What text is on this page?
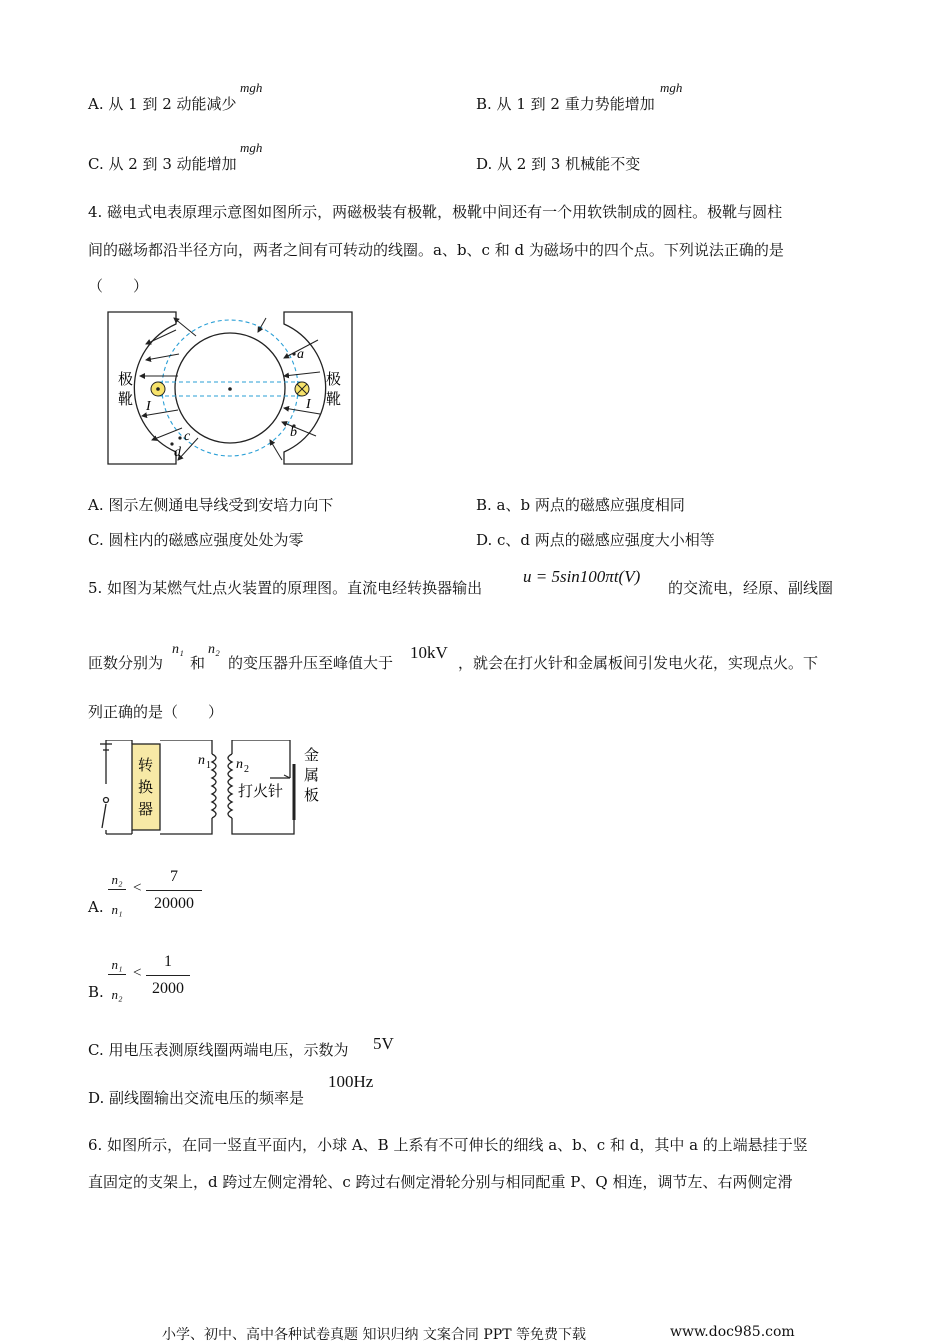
A. 从 1 到 2 动能减少
mgh
B. 从 1 到 2 重力势能增加
mgh
C. 从 2 到 3 动能增加
mgh
D. 从 2 到 3 机械能不变
4. 磁电式电表原理示意图如图所示，两磁极装有极靴，极靴中间还有一个用软铁制成的圆柱。极靴与圆柱
间的磁场都沿半径方向，两者之间有可转动的线圈。a、b、c 和 d 为磁场中的四个点。下列说法正确的是
（　　）
极
靴
极
靴
I	I
a
b
c
d
A. 图示左侧通电导线受到安培力向下	B. a、b 两点的磁感应强度相同
C. 圆柱内的磁感应强度处处为零	D. c、d 两点的磁感应强度大小相等
5. 如图为某燃气灶点火装置的原理图。直流电经转换器输出
u = 5sin100πt(V)
的交流电，经原、副线圈
匝数分别为
n₁
和
n₂
的变压器升压至峰值大于
10kV
，就会在打火针和金属板间引发电火花，实现点火。下
列正确的是（　　）
转
换
器
n 1 n 2
打火针
金
属
板
A.
n₂
n₁
<
7
20000
B.
n₁
n₂
<
1
2000
C. 用电压表测原线圈两端电压，示数为 5V
D. 副线圈输出交流电压的频率是
100Hz
6. 如图所示，在同一竖直平面内，小球 A、B 上系有不可伸长的细线 a、b、c 和 d，其中 a 的上端悬挂于竖
直固定的支架上，d 跨过左侧定滑轮、c 跨过右侧定滑轮分别与相同配重 P、Q 相连，调节左、右两侧定滑
小学、初中、高中各种试卷真题 知识归纳 文案合同 PPT 等免费下载	www.doc985.com
